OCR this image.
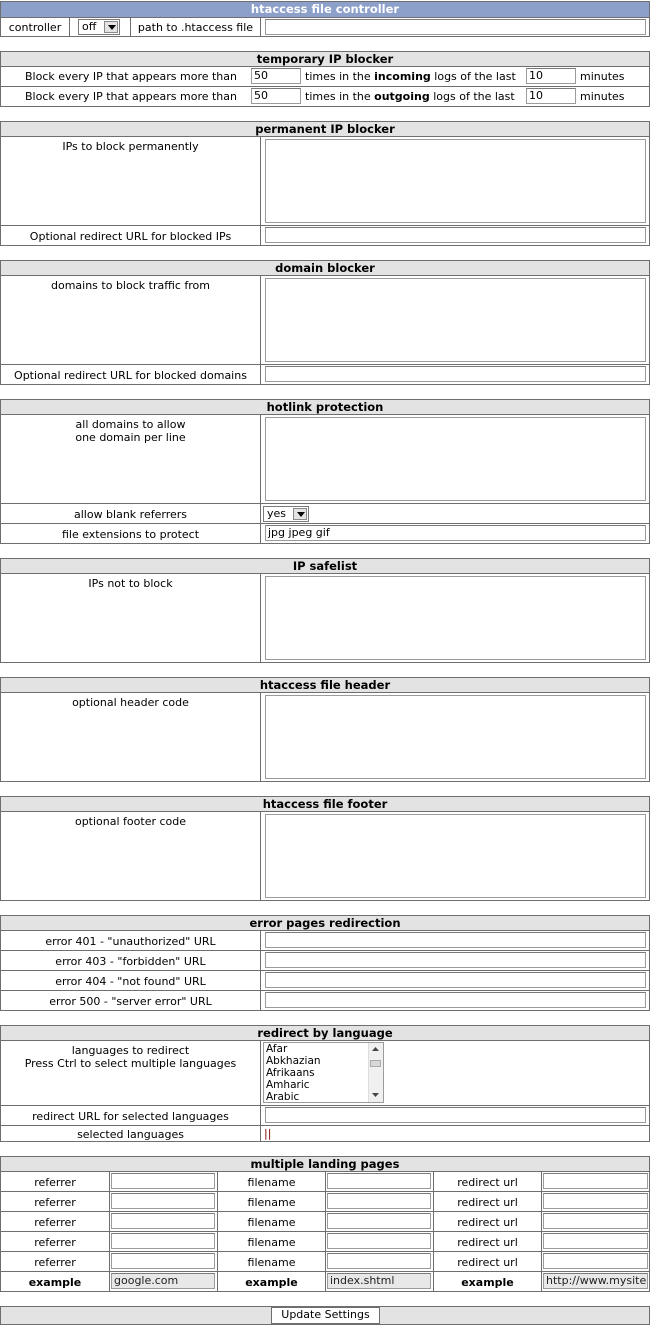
htaccess file controller
controller	off	path to .htaccess file
temporary IP blocker
Block every IP that appears more than 50	times in the incoming logs of the last 10	minutes
Block every IP that appears more than 50	times in the outgoing logs of the last 10	minutes
permanent IP blocker
IPs to block permanently
Optional redirect URL for blocked IPs
domain blocker
domains to block traffic from
Optional redirect URL for blocked domains
hotlink protection
all domains to allow
one domain per line
allow blank referrers	yes
file extensions to protect	jpg jpeg gif
IP safelist
IPs not to block
htaccess file header
optional header code
htaccess file footer
optional footer code
error pages redirection
error 401 - "unauthorized" URL
error 403 - "forbidden" URL
error 404 - "not found" URL
error 500 - "server error" URL
redirect by language
languages to redirect
Press Ctrl to select multiple languages
Afar
Abkhazian
Afrikaans
Amharic
Arabic
redirect URL for selected languages
selected languages	||
multiple landing pages
referrer	filename	redirect url
referrer	filename	redirect url
referrer	filename	redirect url
referrer	filename	redirect url
referrer	filename	redirect url
example	google.com	example	index.shtml	example	http://www.mysite
Update Settings
